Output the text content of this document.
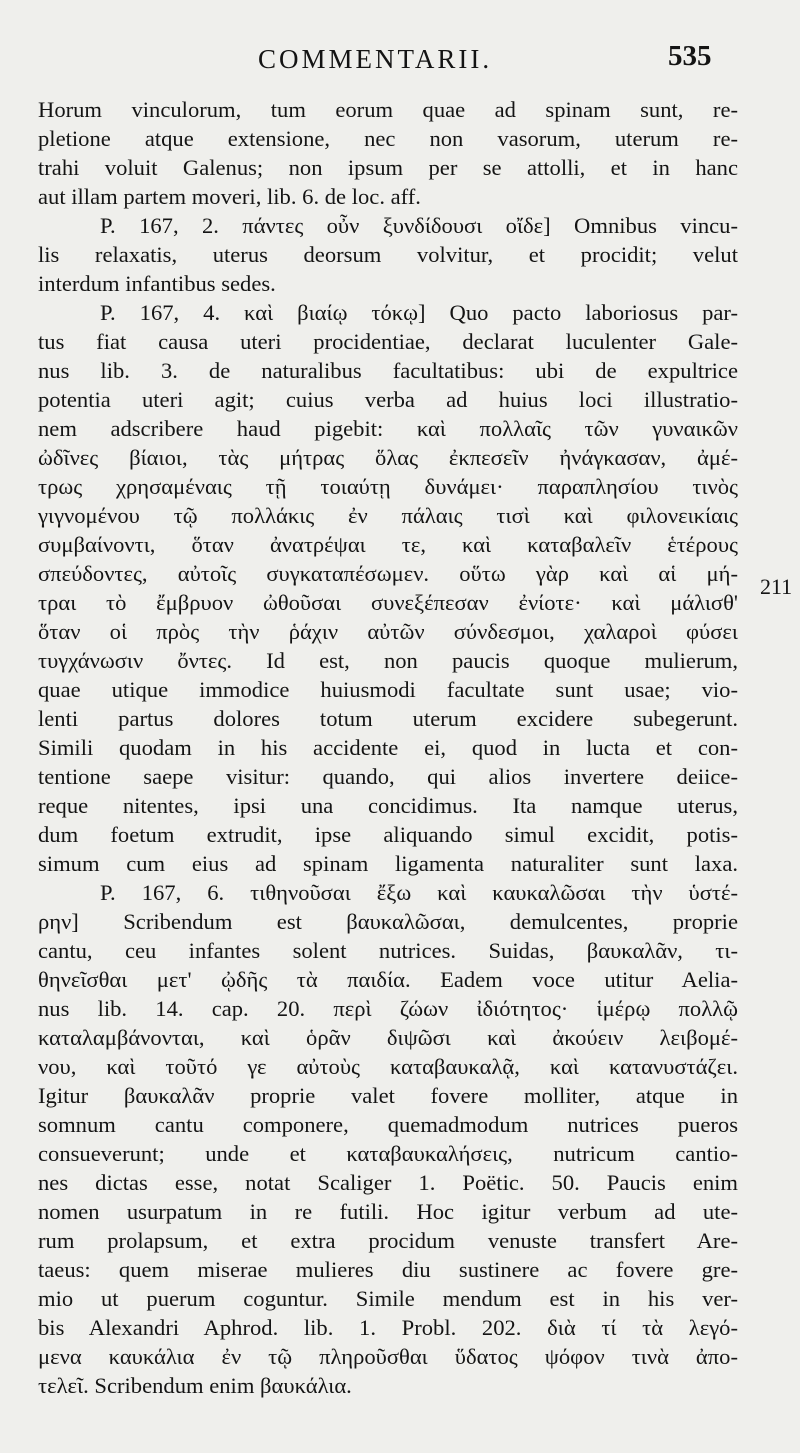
COMMENTARII.	535
Horum vinculorum, tum eorum quae ad spinam sunt, re-
pletione atque extensione, nec non vasorum, uterum re-
trahi voluit Galenus; non ipsum per se attolli, et in hanc
aut illam partem moveri, lib. 6. de loc. aff.
P. 167, 2. πάντες οὖν ξυνδίδουσι οἴδε] Omnibus vincu-
lis relaxatis, uterus deorsum volvitur, et procidit; velut
interdum infantibus sedes.
P. 167, 4. καὶ βιαίῳ τόκῳ] Quo pacto laboriosus par-
tus fiat causa uteri procidentiae, declarat luculenter Gale-
nus lib. 3. de naturalibus facultatibus: ubi de expultrice
potentia uteri agit; cuius verba ad huius loci illustratio-
nem adscribere haud pigebit: καὶ πολλαῖς τῶν γυναικῶν
ὠδῖνες βίαιοι, τὰς μήτρας ὅλας ἐκπεσεῖν ἠνάγκασαν, ἀμέ-
τρως χρησαμέναις τῇ τοιαύτῃ δυνάμει· παραπλησίου τινὸς
γιγνομένου τῷ πολλάκις ἐν πάλαις τισὶ καὶ φιλονεικίαις
συμβαίνοντι, ὅταν ἀνατρέψαι τε, καὶ καταβαλεῖν ἑτέρους
σπεύδοντες, αὐτοῖς συγκαταπέσωμεν. οὕτω γὰρ καὶ αἱ μή-
τραι τὸ ἔμβρυον ὠθοῦσαι συνεξέπεσαν ἐνίοτε· καὶ μάλισθ'
ὅταν οἱ πρὸς τὴν ῥάχιν αὐτῶν σύνδεσμοι, χαλαροὶ φύσει
τυγχάνωσιν ὄντες. Id est, non paucis quoque mulierum,
quae utique immodice huiusmodi facultate sunt usae; vio-
lenti partus dolores totum uterum excidere subegerunt.
Simili quodam in his accidente ei, quod in lucta et con-
tentione saepe visitur: quando, qui alios invertere deiice-
reque nitentes, ipsi una concidimus. Ita namque uterus,
dum foetum extrudit, ipse aliquando simul excidit, potis-
simum cum eius ad spinam ligamenta naturaliter sunt laxa.
P. 167, 6. τιθηνοῦσαι ἔξω καὶ καυκαλῶσαι τὴν ὑστέ-
ρην] Scribendum est βαυκαλῶσαι, demulcentes, proprie
cantu, ceu infantes solent nutrices. Suidas, βαυκαλᾶν, τι-
θηνεῖσθαι μετ' ᾠδῆς τὰ παιδία. Eadem voce utitur Aelia-
nus lib. 14. cap. 20. περὶ ζώων ἰδιότητος· ἱμέρῳ πολλῷ
καταλαμβάνονται, καὶ ὁρᾶν διψῶσι καὶ ἀκούειν λειβομέ-
νου, καὶ τοῦτό γε αὐτοὺς καταβαυκαλᾷ, καὶ κατανυστάζει.
Igitur βαυκαλᾶν proprie valet fovere molliter, atque in
somnum cantu componere, quemadmodum nutrices pueros
consueverunt; unde et καταβαυκαλήσεις, nutricum cantio-
nes dictas esse, notat Scaliger 1. Poëtic. 50. Paucis enim
nomen usurpatum in re futili. Hoc igitur verbum ad ute-
rum prolapsum, et extra procidum venuste transfert Are-
taeus: quem miserae mulieres diu sustinere ac fovere gre-
mio ut puerum coguntur. Simile mendum est in his ver-
bis Alexandri Aphrod. lib. 1. Probl. 202. διὰ τί τὰ λεγό-
μενα καυκάλια ἐν τῷ πληροῦσθαι ὕδατος ψόφον τινὰ ἀπο-
τελεῖ. Scribendum enim βαυκάλια.
211
